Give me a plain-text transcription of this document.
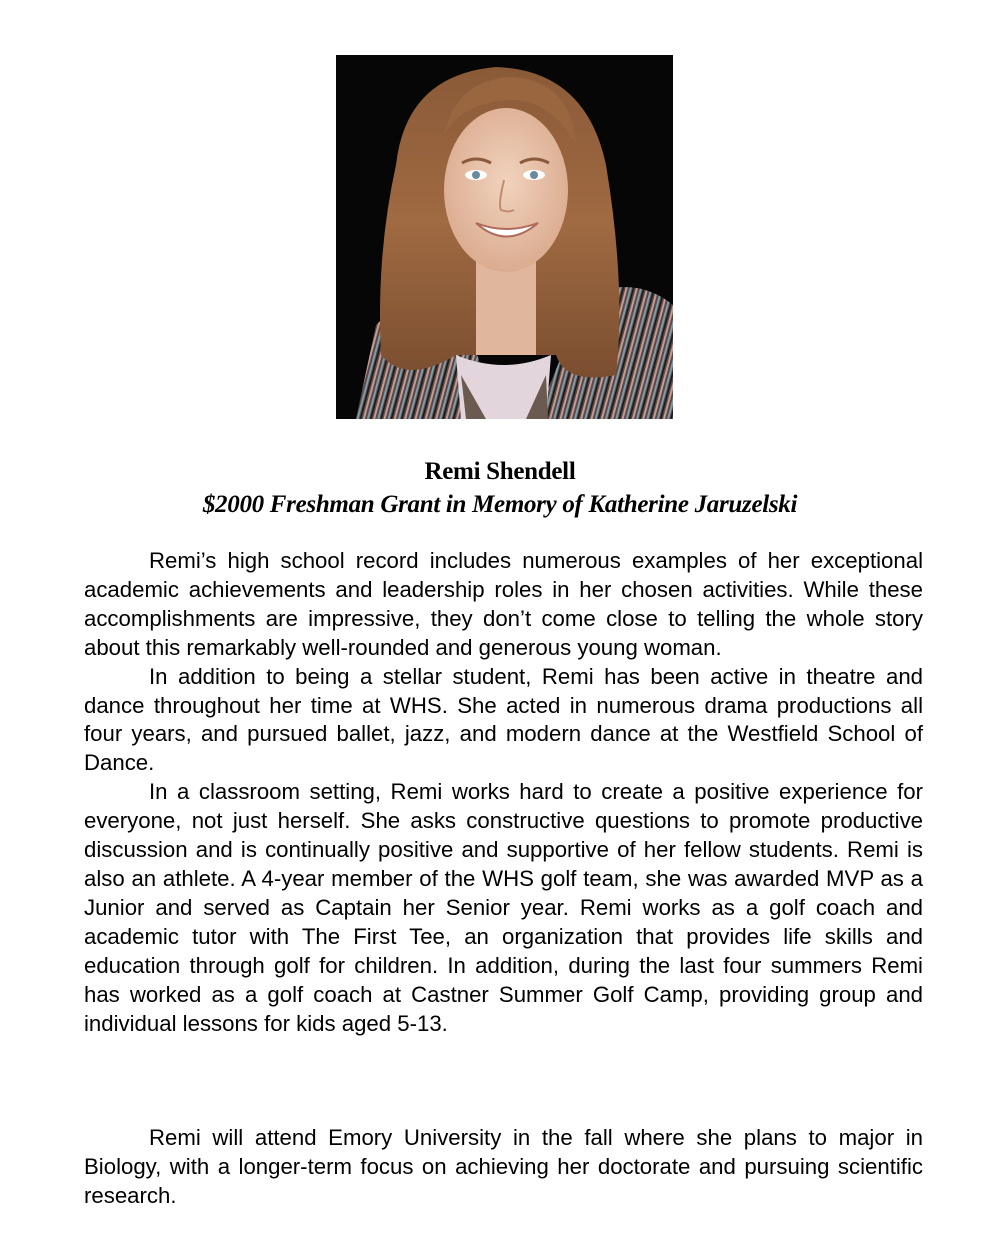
Remi Shendell
$2000 Freshman Grant in Memory of Katherine Jaruzelski

Remi’s high school record includes numerous examples of her exceptional academic achievements and leadership roles in her chosen activities. While these accomplishments are impressive, they don’t come close to telling the whole story about this remarkably well-rounded and generous young woman.

In addition to being a stellar student, Remi has been active in theatre and dance throughout her time at WHS. She acted in numerous drama productions all four years, and pursued ballet, jazz, and modern dance at the Westfield School of Dance.

In a classroom setting, Remi works hard to create a positive experience for everyone, not just herself. She asks constructive questions to promote productive discussion and is continually positive and supportive of her fellow students. Remi is also an athlete. A 4-year member of the WHS golf team, she was awarded MVP as a Junior and served as Captain her Senior year. Remi works as a golf coach and academic tutor with The First Tee, an organization that provides life skills and education through golf for children. In addition, during the last four summers Remi has worked as a golf coach at Castner Summer Golf Camp, providing group and individual lessons for kids aged 5-13.

Remi will attend Emory University in the fall where she plans to major in Biology, with a longer-term focus on achieving her doctorate and pursuing scientific research.
